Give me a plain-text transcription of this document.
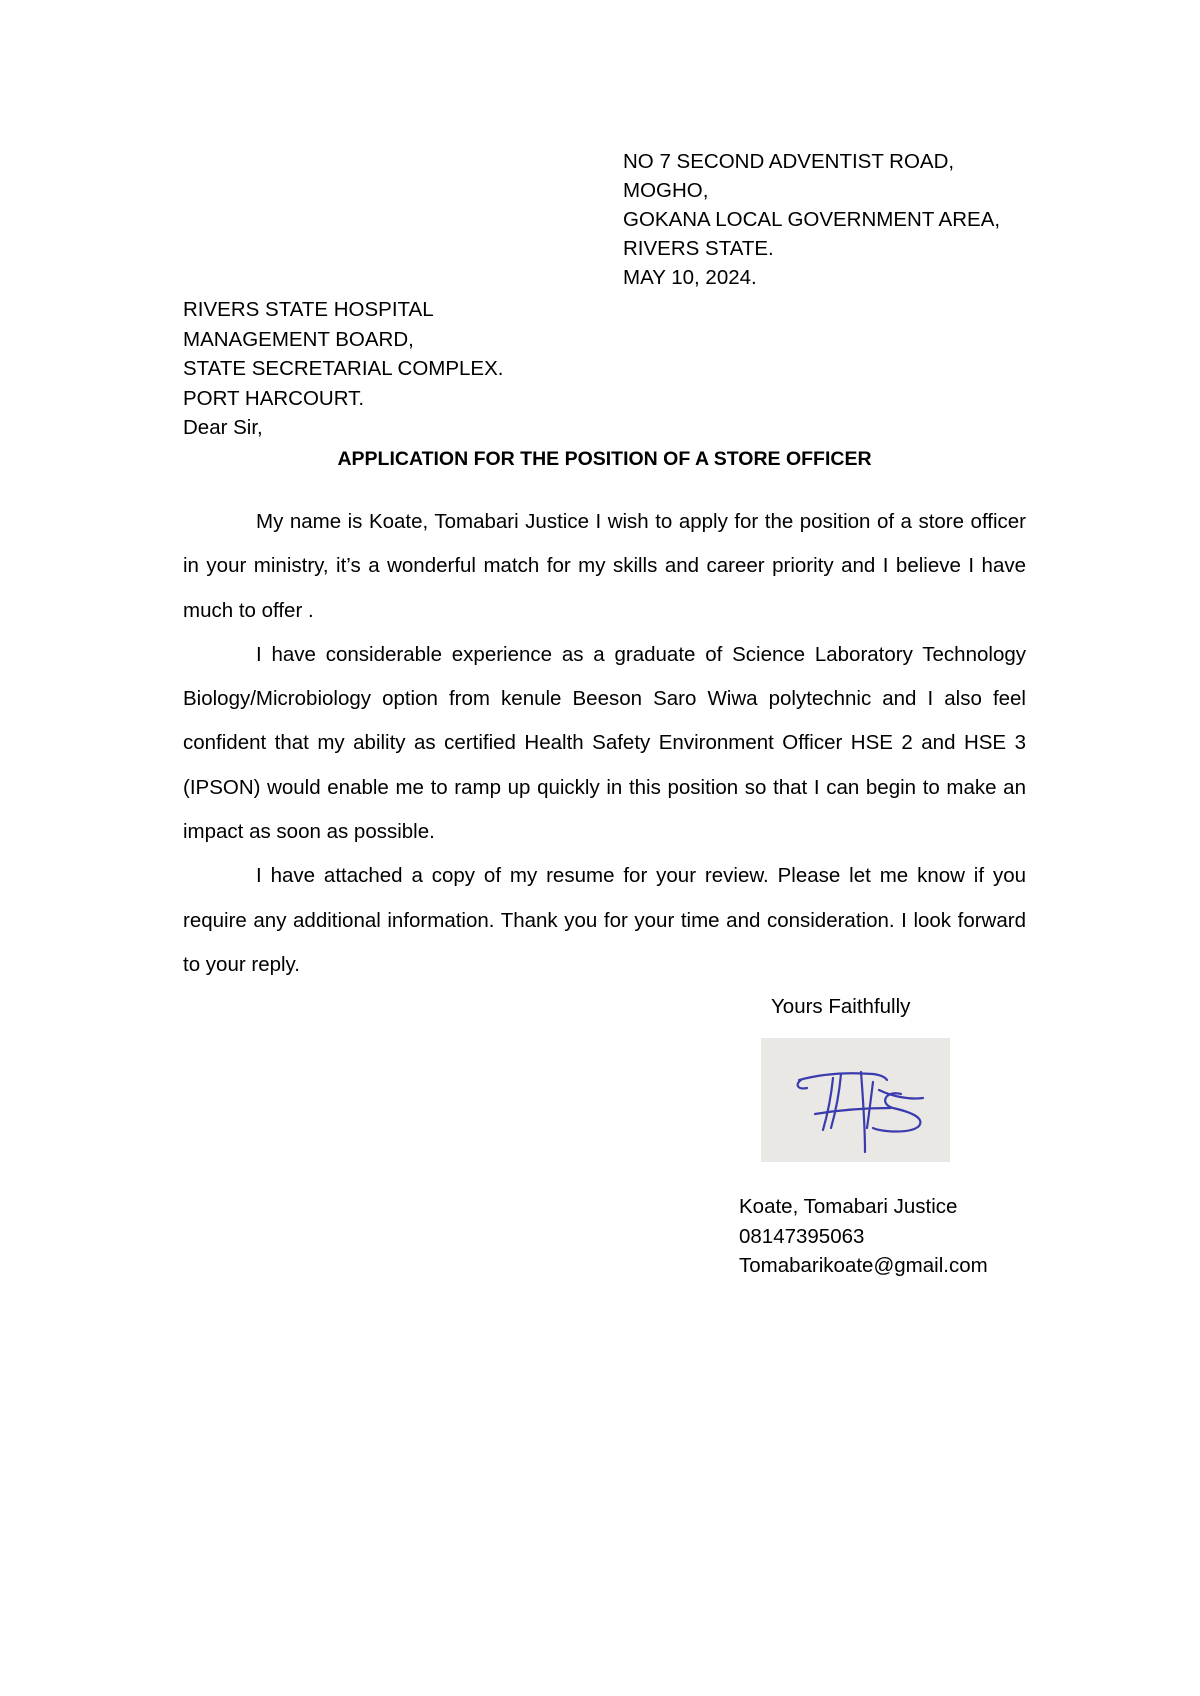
NO 7 SECOND ADVENTIST ROAD,
MOGHO,
GOKANA LOCAL GOVERNMENT AREA,
RIVERS STATE.
MAY 10, 2024.
RIVERS STATE HOSPITAL
MANAGEMENT BOARD,
STATE SECRETARIAL COMPLEX.
PORT HARCOURT.
Dear Sir,
APPLICATION FOR THE POSITION OF A STORE OFFICER

My name is Koate, Tomabari Justice I wish to apply for the position of a store officer in your ministry, it’s a wonderful match for my skills and career priority and I believe I have much to offer .

I have considerable experience as a graduate of Science Laboratory Technology Biology/Microbiology option from kenule Beeson Saro Wiwa polytechnic and I also feel confident that my ability as certified Health Safety Environment Officer HSE 2 and HSE 3 (IPSON) would enable me to ramp up quickly in this position so that I can begin to make an impact as soon as possible.

I have attached a copy of my resume for your review. Please let me know if you require any additional information. Thank you for your time and consideration. I look forward to your reply.

Yours Faithfully
Koate, Tomabari Justice
08147395063
Tomabarikoate@gmail.com
